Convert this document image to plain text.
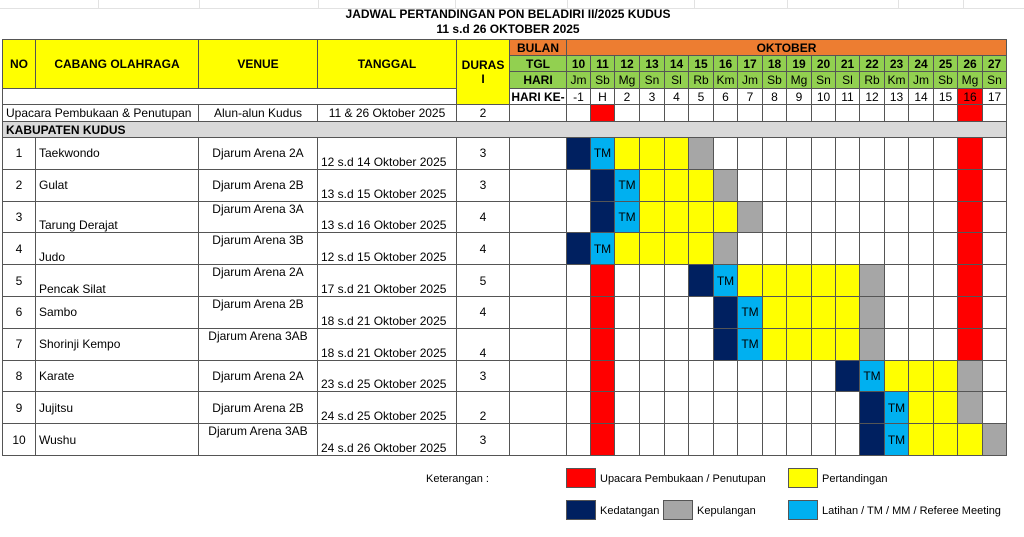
JADWAL PERTANDINGAN PON BELADIRI II/2025 KUDUS
11 s.d 26 OKTOBER 2025
NO	CABANG OLAHRAGA	VENUE	TANGGAL	DURAS
I	BULAN	OKTOBER																	
					TGL	10	11	12	13	14	15	16	17	18	19	20	21	22	23	24	25	26	27
					HARI	Jm	Sb	Mg	Sn	Sl	Rb	Km	Jm	Sb	Mg	Sn	Sl	Rb	Km	Jm	Sb	Mg	Sn
					HARI KE-	-1	H	2	3	4	5	6	7	8	9	10	11	12	13	14	15	16	17
Upacara Pembukaan & Penutupan		Alun-alun Kudus	11 & 26 Oktober 2025	2																			
KABUPATEN KUDUS																							
1	Taekwondo	Djarum Arena 2A	12 s.d 14 Oktober 2025	3			TM																
2	Gulat	Djarum Arena 2B	13 s.d 15 Oktober 2025	3				TM															
3	Tarung Derajat	Djarum Arena 3A	13 s.d 16 Oktober 2025	4				TM															
4	Judo	Djarum Arena 3B	12 s.d 15 Oktober 2025	4			TM																
5	Pencak Silat	Djarum Arena 2A	17 s.d 21 Oktober 2025	5								TM											
6	Sambo	Djarum Arena 2B	18 s.d 21 Oktober 2025	4									TM										
7	Shorinji Kempo	Djarum Arena 3AB	18 s.d 21 Oktober 2025	4									TM										
8	Karate	Djarum Arena 2A	23 s.d 25 Oktober 2025	3														TM					
9	Jujitsu	Djarum Arena 2B	24 s.d 25 Oktober 2025	2															TM				
10	Wushu	Djarum Arena 3AB	24 s.d 26 Oktober 2025	3															TM				
Keterangan :	Upacara Pembukaan / Penutupan	Pertandingan
Kedatangan	Kepulangan	Latihan / TM / MM / Referee Meeting
